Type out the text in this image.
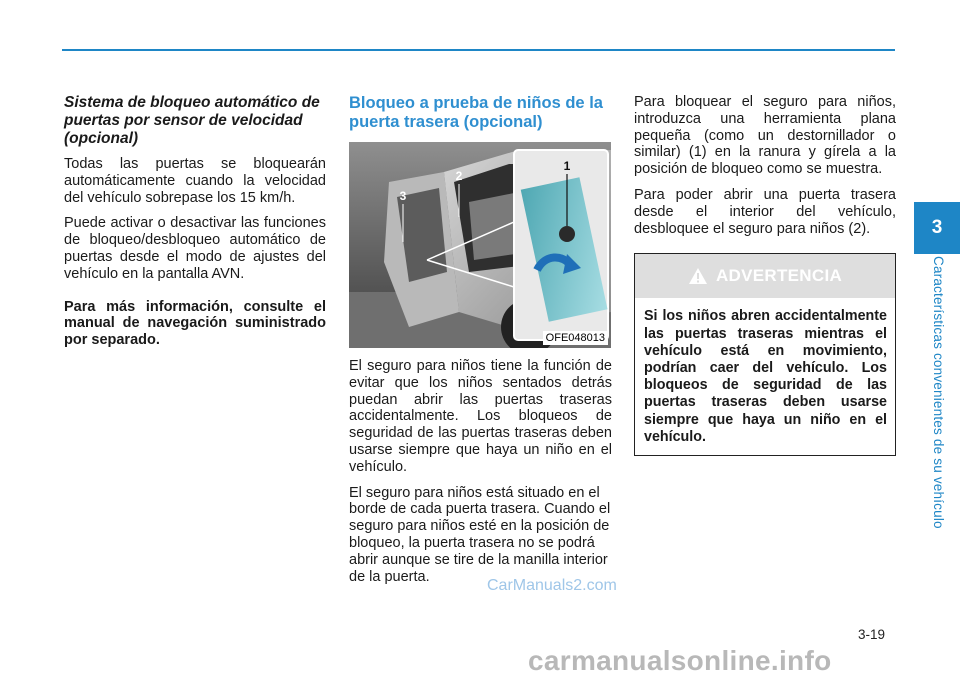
Sistema de bloqueo automático de puertas por sensor de velocidad (opcional)

Todas las puertas se bloquearán automáticamente cuando la velocidad del vehículo sobrepase los 15 km/h.

Puede activar o desactivar las funciones de bloqueo/desbloqueo automático de puertas desde el modo de ajustes del vehículo en la pantalla AVN.

Para más información, consulte el manual de navegación suministrado por separado.

Bloqueo a prueba de niños de la puerta trasera (opcional)
1
2
3
OFE048013

El seguro para niños tiene la función de evitar que los niños sentados detrás puedan abrir las puertas traseras accidentalmente. Los bloqueos de seguridad de las puertas traseras deben usarse siempre que haya un niño en el vehículo.

El seguro para niños está situado en el borde de cada puerta trasera. Cuando el seguro para niños esté en la posición de bloqueo, la puerta trasera no se podrá abrir aunque se tire de la manilla interior de la puerta.

Para bloquear el seguro para niños, introduzca una herramienta plana pequeña (como un destornillador o similar) (1) en la ranura y gírela a la posición de bloqueo como se muestra.

Para poder abrir una puerta trasera desde el interior del vehículo, desbloquee el seguro para niños (2).

ADVERTENCIA
Si los niños abren accidentalmente las puertas traseras mientras el vehículo está en movimiento, podrían caer del vehículo. Los bloqueos de seguridad de las puertas traseras deben usarse siempre que haya un niño en el vehículo.
3
Características convenientes de su vehículo
3-19
CarManuals2.com
carmanualsonline.info
